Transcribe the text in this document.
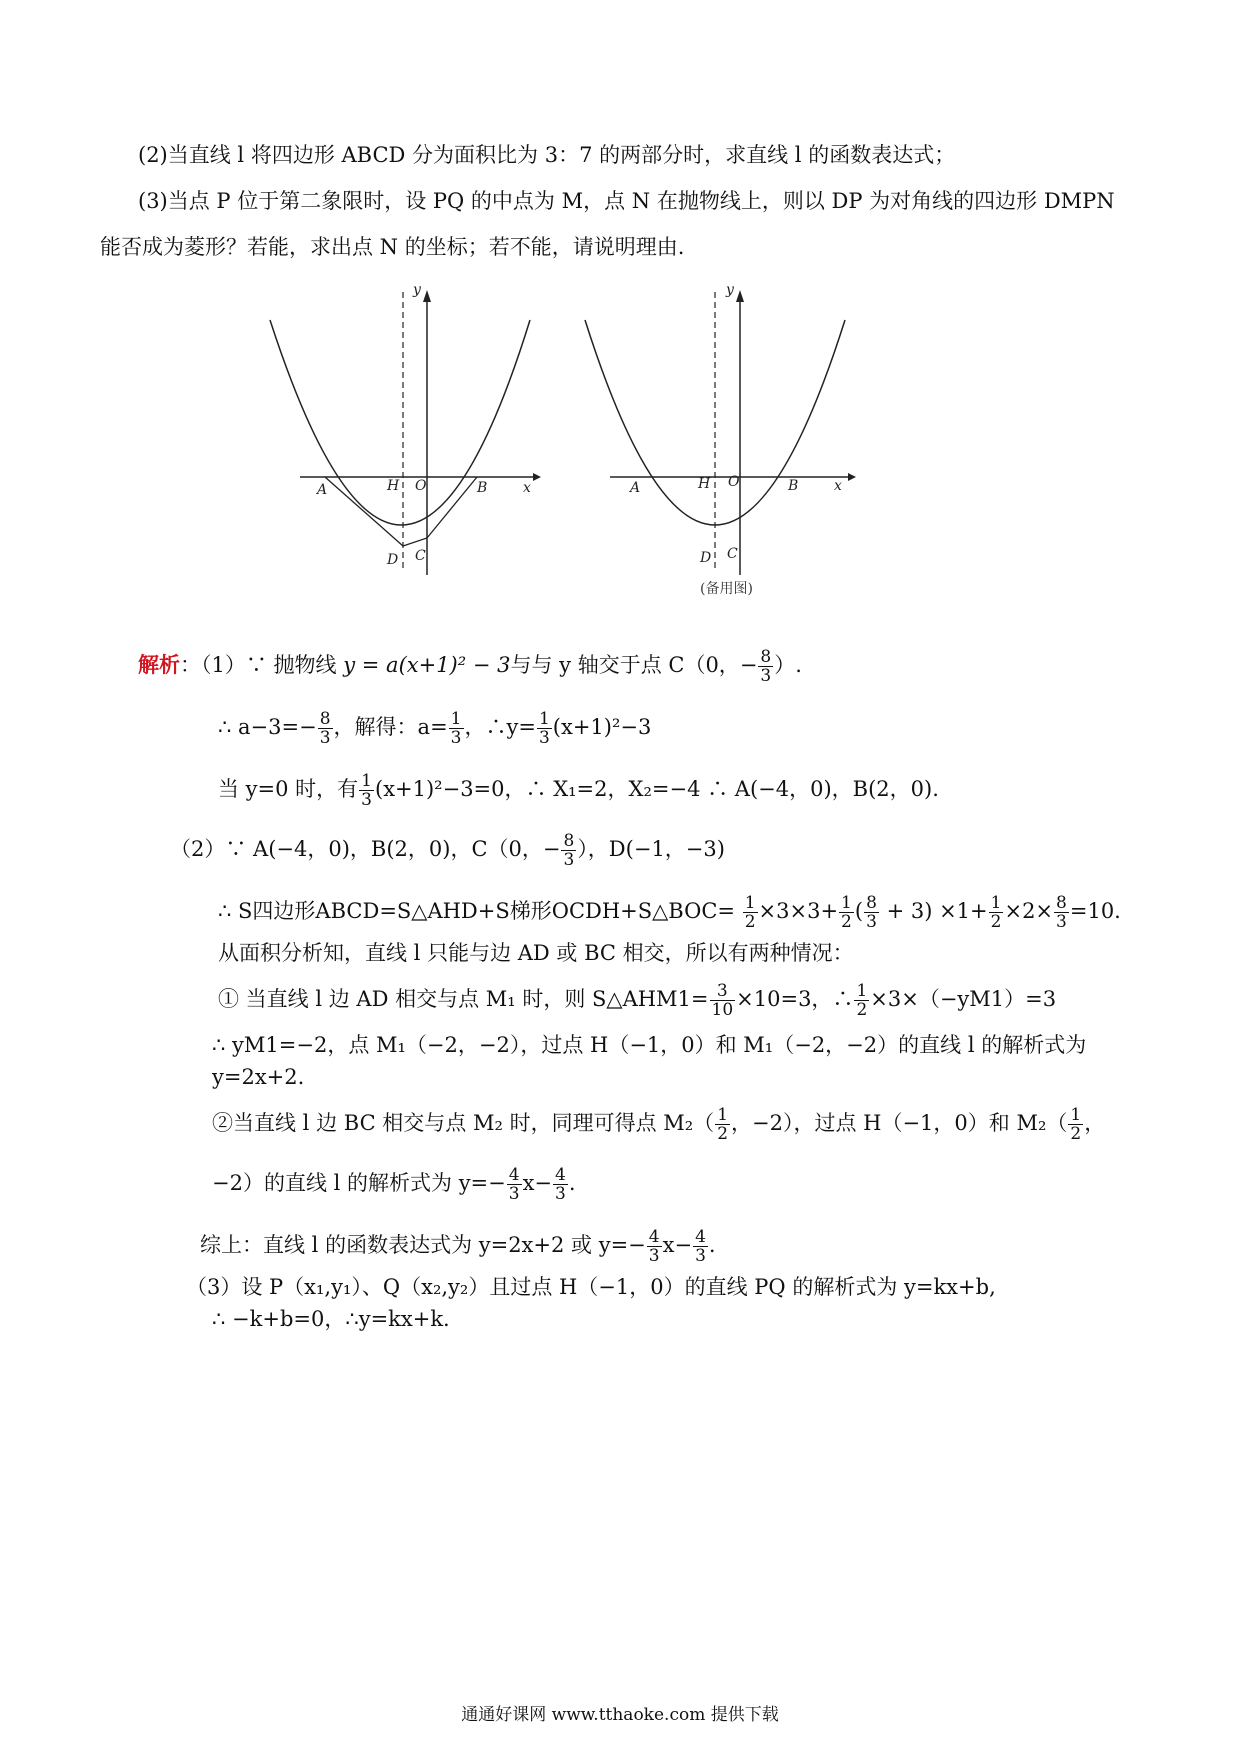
(2)当直线 l 将四边形 ABCD 分为面积比为 3：7 的两部分时，求直线 l 的函数表达式；
(3)当点 P 位于第二象限时，设 PQ 的中点为 M，点 N 在抛物线上，则以 DP 为对角线的四边形 DMPN
能否成为菱形？若能，求出点 N 的坐标；若不能，请说明理由.
y
x
A	H O	B
D C
y
x
A	H O	B
D C
(备用图)
解析：（1）∵ 抛物线 y = a(x+1)² − 3与与 y 轴交于点 C（0，− $\frac{8}{3}$ ）.
∴ $a-3=- \frac{8}{3}$ ，解得：$a= \frac{1}{3}$ ，∴y= $\frac{1}{3} (x+1)^2-3$
当 y=0 时，有 $\frac{1}{3} (x+1)^2-3=0$，∴ X₁=2，X₂=−4 ∴ A(−4，0)，B(2，0).
（2）∵ A(−4，0)，B(2，0)，C（0，− $\frac{8}{3}$ ），D(−1，−3)
∴ S四边形ABCD=S△AHD+S梯形OCDH+S△BOC= $\frac{1}{2} \times 3\times 3+ \frac{1}{2}$ ( $\frac{8}{3} + 3) \times 1+ \frac{1}{2} \times 2\times \frac{8}{3} =10$.
从面积分析知，直线 l 只能与边 AD 或 BC 相交，所以有两种情况：
① 当直线 l 边 AD 相交与点 M₁ 时，则 S△AHM1= $\frac{3}{10} \times 10=3$，∴ $\frac{1}{2} \times 3\times(-yM1)=3$
∴ yM1=−2，点 M₁（−2，−2），过点 H（−1，0）和 M₁（−2，−2）的直线 l 的解析式为
y=2x+2.
②当直线 l 边 BC 相交与点 M₂ 时，同理可得点 $M_2( \frac{1}{2}$ ，−2），过点 H（−1，0）和 $M_2( \frac{1}{2}$ ，
−2）的直线 l 的解析式为 $y=- \frac{4}{3} x- \frac{4}{3}$ .
综上：直线 l 的函数表达式为 y=2x+2 或 $y=- \frac{4}{3} x- \frac{4}{3}$ .
（3）设 P（x₁,y₁）、Q（x₂,y₂）且过点 H（−1，0）的直线 PQ 的解析式为 y=kx+b,
∴ −k+b=0，∴y=kx+k.
通通好课网 www.tthaoke.com 提供下载
